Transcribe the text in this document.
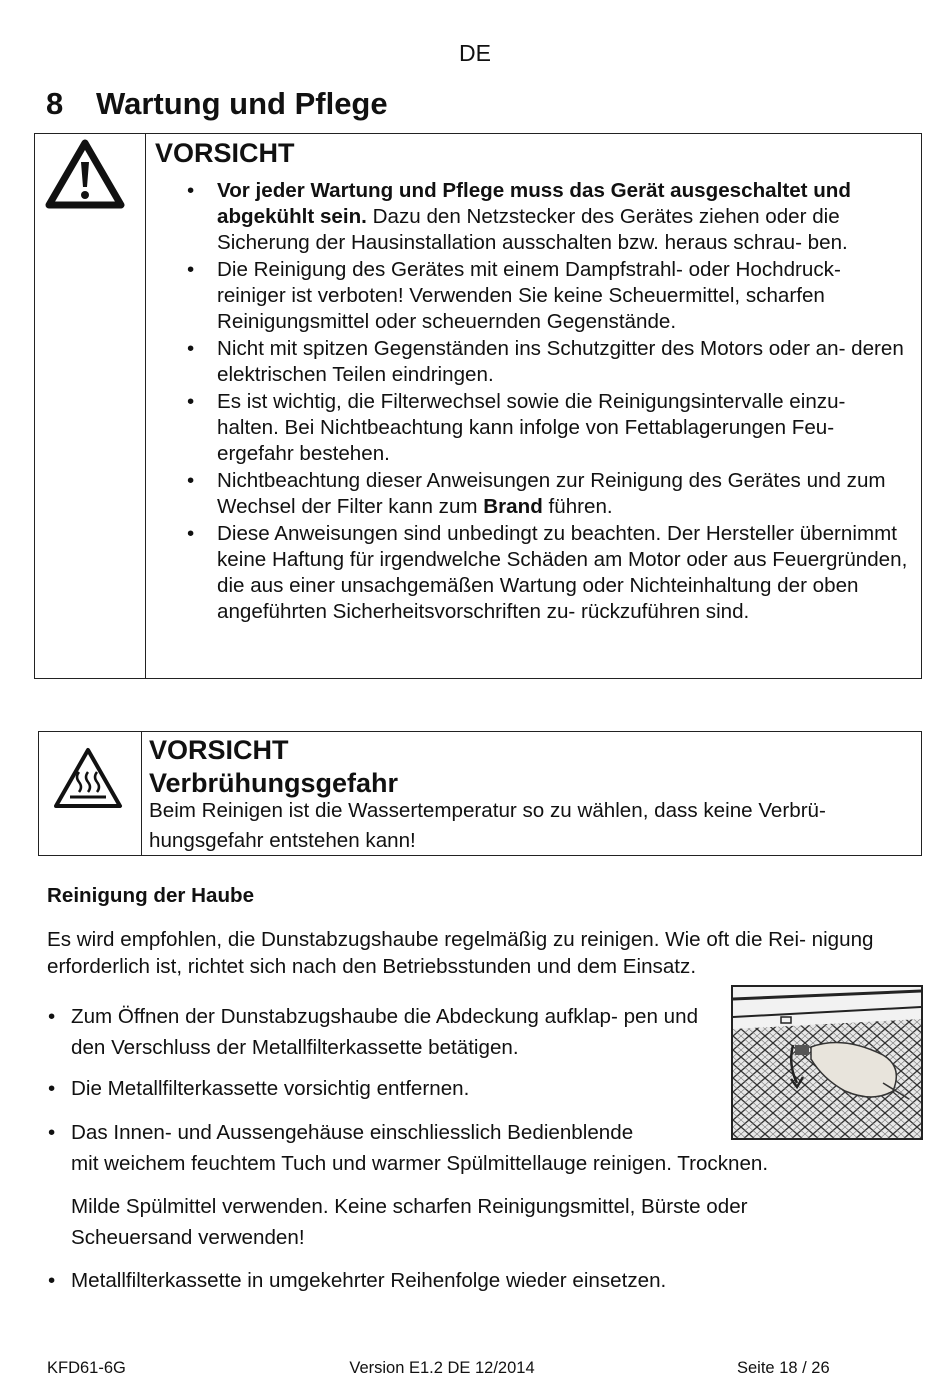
DE
8 Wartung und Pflege
VORSICHT
• Vor jeder Wartung und Pflege muss das Gerät ausgeschaltet und abgekühlt sein. Dazu den Netzstecker des Gerätes ziehen oder die Sicherung der Hausinstallation ausschalten bzw. heraus schrau- ben.
• Die Reinigung des Gerätes mit einem Dampfstrahl- oder Hochdruck- reiniger ist verboten! Verwenden Sie keine Scheuermittel, scharfen Reinigungsmittel oder scheuernden Gegenstände.
• Nicht mit spitzen Gegenständen ins Schutzgitter des Motors oder an- deren elektrischen Teilen eindringen.
• Es ist wichtig, die Filterwechsel sowie die Reinigungsintervalle einzu- halten. Bei Nichtbeachtung kann infolge von Fettablagerungen Feu- ergefahr bestehen.
• Nichtbeachtung dieser Anweisungen zur Reinigung des Gerätes und zum Wechsel der Filter kann zum Brand führen.
• Diese Anweisungen sind unbedingt zu beachten. Der Hersteller übernimmt keine Haftung für irgendwelche Schäden am Motor oder aus Feuergründen, die aus einer unsachgemäßen Wartung oder Nichteinhaltung der oben angeführten Sicherheitsvorschriften zu- rückzuführen sind.
VORSICHT
Verbrühungsgefahr
Beim Reinigen ist die Wassertemperatur so zu wählen, dass keine Verbrü- hungsgefahr entstehen kann!
Reinigung der Haube
Es wird empfohlen, die Dunstabzugshaube regelmäßig zu reinigen. Wie oft die Rei- nigung erforderlich ist, richtet sich nach den Betriebsstunden und dem Einsatz.
• Zum Öffnen der Dunstabzugshaube die Abdeckung aufklap- pen und den Verschluss der Metallfilterkassette betätigen.
• Die Metallfilterkassette vorsichtig entfernen.
• Das Innen- und Aussengehäuse einschliesslich Bedienblende
mit weichem feuchtem Tuch und warmer Spülmittellauge reinigen. Trocknen.
Milde Spülmittel verwenden. Keine scharfen Reinigungsmittel, Bürste oder Scheuersand verwenden!
• Metallfilterkassette in umgekehrter Reihenfolge wieder einsetzen.
KFD61-6G	Version E1.2 DE 12/2014	Seite 18 / 26
